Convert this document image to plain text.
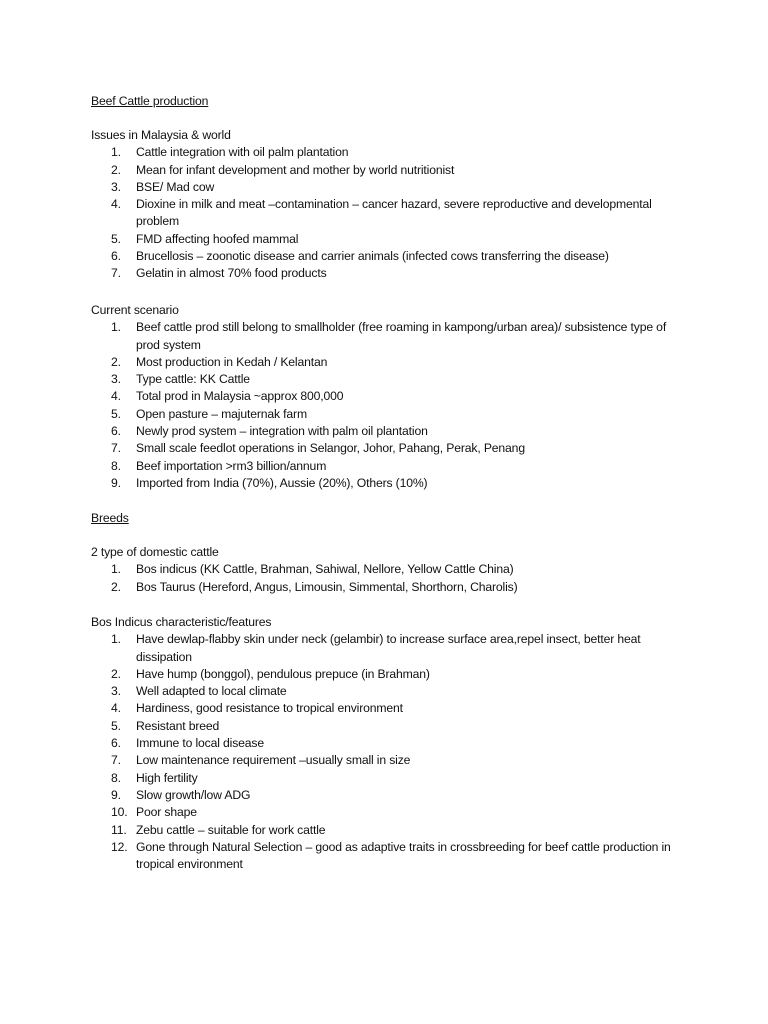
Beef Cattle production
Issues in Malaysia & world
1. Cattle integration with oil palm plantation
2. Mean for infant development and mother by world nutritionist
3. BSE/ Mad cow
4. Dioxine in milk and meat –contamination – cancer hazard, severe reproductive and developmental problem
5. FMD affecting hoofed mammal
6. Brucellosis – zoonotic disease and carrier animals (infected cows transferring the disease)
7. Gelatin in almost 70% food products
Current scenario
1. Beef cattle prod still belong to smallholder (free roaming in kampong/urban area)/ subsistence type of prod system
2. Most production in Kedah / Kelantan
3. Type cattle: KK Cattle
4. Total prod in Malaysia ~approx 800,000
5. Open pasture – majuternak farm
6. Newly prod system – integration with palm oil plantation
7. Small scale feedlot operations in Selangor, Johor, Pahang, Perak, Penang
8. Beef importation >rm3 billion/annum
9. Imported from India (70%), Aussie (20%), Others (10%)
Breeds
2 type of domestic cattle
1. Bos indicus (KK Cattle, Brahman, Sahiwal, Nellore, Yellow Cattle China)
2. Bos Taurus (Hereford, Angus, Limousin, Simmental, Shorthorn, Charolis)
Bos Indicus characteristic/features
1. Have dewlap-flabby skin under neck (gelambir) to increase surface area,repel insect, better heat dissipation
2. Have hump (bonggol), pendulous prepuce (in Brahman)
3. Well adapted to local climate
4. Hardiness, good resistance to tropical environment
5. Resistant breed
6. Immune to local disease
7. Low maintenance requirement –usually small in size
8. High fertility
9. Slow growth/low ADG
10. Poor shape
11. Zebu cattle – suitable for work cattle
12. Gone through Natural Selection – good as adaptive traits in crossbreeding for beef cattle production in tropical environment
